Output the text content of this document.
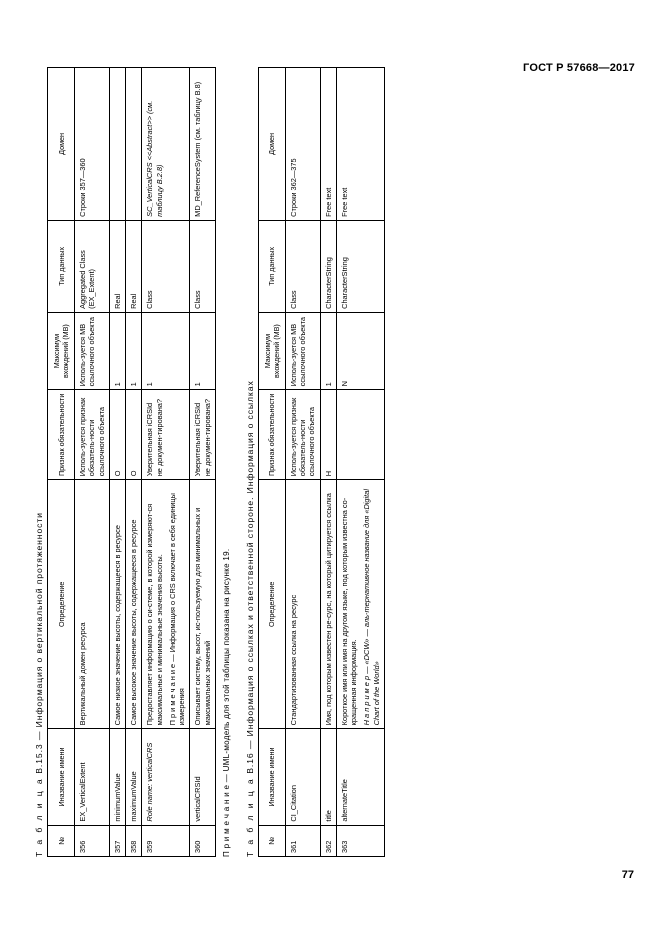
ГОСТ Р 57668—2017
77
Т а б л и ц а В.15.3 — Информация о вертикальной протяженности
№	Иназвание имени	Определение	Признак обязательности	Максимум вхождений (МВ)	Тип данных	Домен
356	EX_VerticalExtent	Вертикальный домен ресурса	Исполь-зуется признак обязатель-ности ссылочного объекта	Исполь-зуется МВ ссылочного объекта	Aggregated Class (EX_Extent)	Строки 357—360
357	minimumValue	Самое низкое значение высоты, содержащееся в ресурсе	О	1	Real	
358	maximumValue	Самое высокое значение высоты, содержащееся в ресурсе	О	1	Real	
359	Role name: verticalCRS	Предоставляет информацию о си-стеме, в которой измеряют-ся максимальные и минимальные значения высоты. П р и м е ч а н и е — Информация о CRS включает в себя единицы измерения	Уверительная iCRSId не докумен-тирована?	1	Class	SC_VerticalCRS <<Abstract>> (см. таблицу В.2.8)
360	verticalCRSId	Описывает систему, высот, ис-пользуемую для минимальных и максимальных значений	Уверительная iCRSId не докумен-тирована?	1	Class	MD_ReferenceSystem (см. таблицу В.8)
П р и м е ч а н и е — UML-модель для этой таблицы показана на рисунке 19. Т а б л и ц а В.16 — Информация о ссылках и ответственной стороне. Информация о ссылках
№	Иназвание имени	Определение	Признак обязательности	Максимум вхождений (МВ)	Тип данных	Домен
361	CI_Citation	Стандартизованная ссылка на ресурс	Исполь-зуется признак обязатель-ности ссылочного объекта	Исполь-зуется МВ ссылочного объекта	Class	Строки 362—375
362	title	Имя, под которым известен ре-сурс, на который цитируется ссылка	Н	1	CharacterString	Free text
363	alternateTitle	Короткое имя или имя на другом языке, под которым известна со-кращенная информация. Н а п р и м е р — «DCW» — аль-тернативное название для «Digital Chart of the World»		N	CharacterString	Free text
